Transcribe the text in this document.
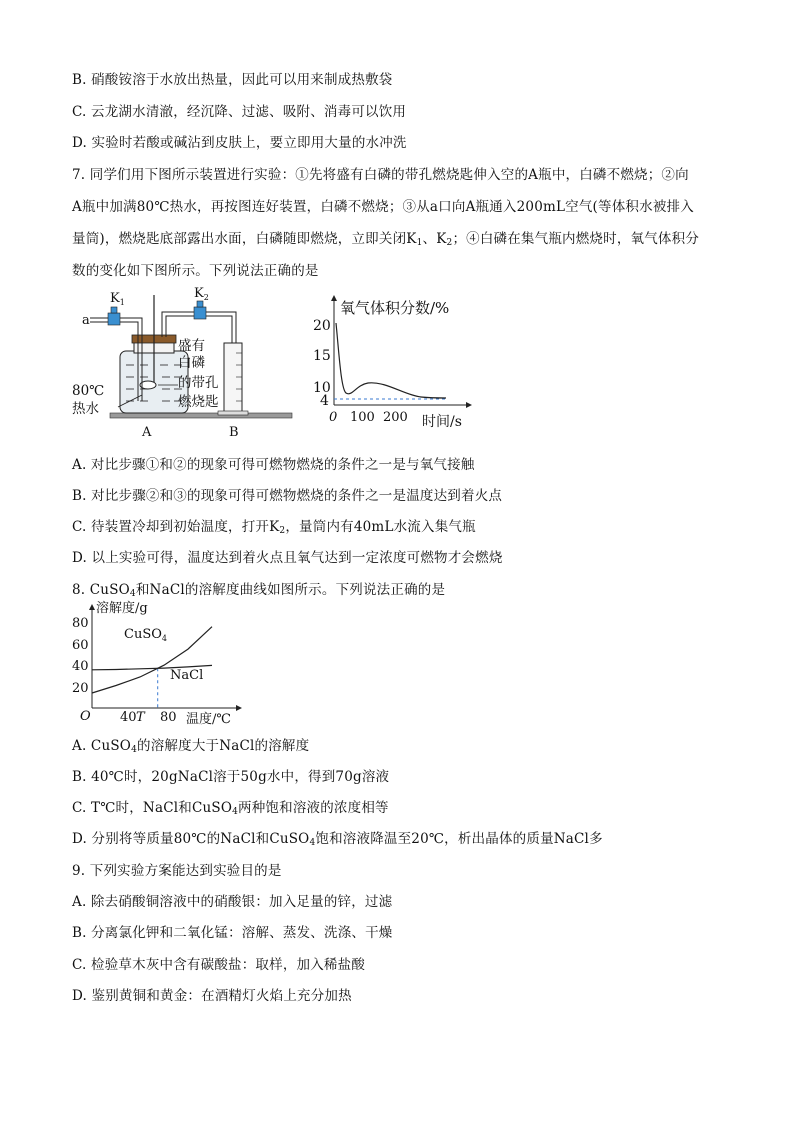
B. 硝酸铵溶于水放出热量，因此可以用来制成热敷袋
C. 云龙湖水清澈，经沉降、过滤、吸附、消毒可以饮用
D. 实验时若酸或碱沾到皮肤上，要立即用大量的水冲洗
7. 同学们用下图所示装置进行实验：①先将盛有白磷的带孔燃烧匙伸入空的A瓶中，白磷不燃烧；②向
A瓶中加满80℃热水，再按图连好装置，白磷不燃烧；③从a口向A瓶通入200mL空气(等体积水被排入
量筒)，燃烧匙底部露出水面，白磷随即燃烧，立即关闭$K_1$、$K_2$；④白磷在集气瓶内燃烧时，氧气体积分
数的变化如下图所示。下列说法正确的是
$K_1$
$K_2$
a
盛有
白磷
的带孔
燃烧匙
80℃
热水
A	B
氧气体积分数/%
20
15
10
4
0 100 200 时间/s
A. 对比步骤①和②的现象可得可燃物燃烧的条件之一是与氧气接触
B. 对比步骤②和③的现象可得可燃物燃烧的条件之一是温度达到着火点
C. 待装置冷却到初始温度，打开$K_2$，量筒内有40mL水流入集气瓶
D. 以上实验可得，温度达到着火点且氧气达到一定浓度可燃物才会燃烧
8. CuSO$_4$和NaCl的溶解度曲线如图所示。下列说法正确的是
溶解度/g
80
60
40
20
O 40 T 80 温度/℃
CuSO$_4$
NaCl
A. CuSO$_4$的溶解度大于NaCl的溶解度
B. 40℃时，20gNaCl溶于50g水中，得到70g溶液
C. T℃时，NaCl和CuSO$_4$两种饱和溶液的浓度相等
D. 分别将等质量80℃的NaCl和CuSO$_4$饱和溶液降温至20℃，析出晶体的质量NaCl多
9. 下列实验方案能达到实验目的是
A. 除去硝酸铜溶液中的硝酸银：加入足量的锌，过滤
B. 分离氯化钾和二氧化锰：溶解、蒸发、洗涤、干燥
C. 检验草木灰中含有碳酸盐：取样，加入稀盐酸
D. 鉴别黄铜和黄金：在酒精灯火焰上充分加热
